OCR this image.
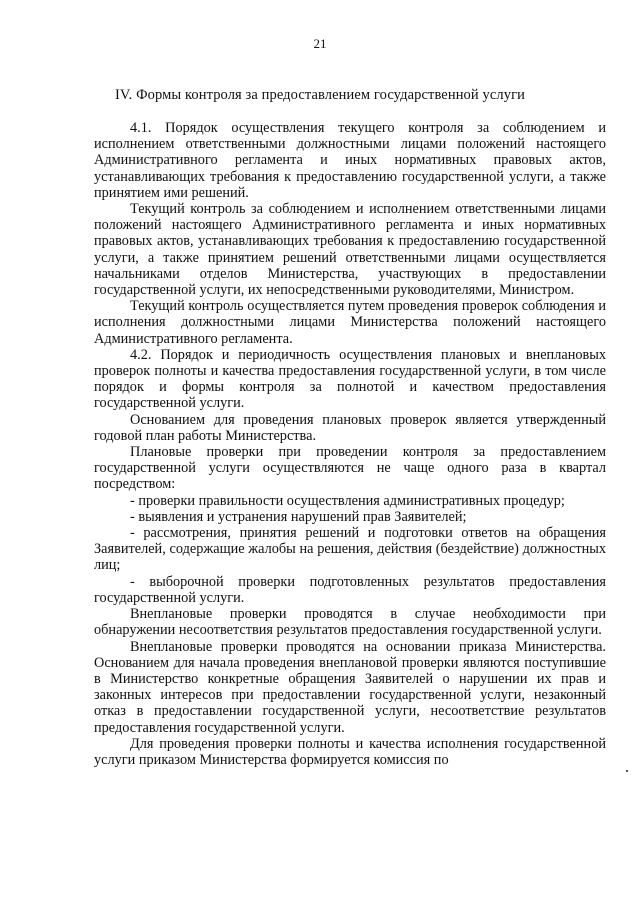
21
IV. Формы контроля за предоставлением государственной услуги

4.1. Порядок осуществления текущего контроля за соблюдением и исполнением ответственными должностными лицами положений настоящего Административного регламента и иных нормативных правовых актов, устанавливающих требования к предоставлению государственной услуги, а также принятием ими решений.

Текущий контроль за соблюдением и исполнением ответственными лицами положений настоящего Административного регламента и иных нормативных правовых актов, устанавливающих требования к предоставлению государственной услуги, а также принятием решений ответственными лицами осуществляется начальниками отделов Министерства, участвующих в предоставлении государственной услуги, их непосредственными руководителями, Министром.

Текущий контроль осуществляется путем проведения проверок соблюдения и исполнения должностными лицами Министерства положений настоящего Административного регламента.

4.2. Порядок и периодичность осуществления плановых и внеплановых проверок полноты и качества предоставления государственной услуги, в том числе порядок и формы контроля за полнотой и качеством предоставления государственной услуги.

Основанием для проведения плановых проверок является утвержденный годовой план работы Министерства.

Плановые проверки при проведении контроля за предоставлением государственной услуги осуществляются не чаще одного раза в квартал посредством:

- проверки правильности осуществления административных процедур;

- выявления и устранения нарушений прав Заявителей;

- рассмотрения, принятия решений и подготовки ответов на обращения Заявителей, содержащие жалобы на решения, действия (бездействие) должностных лиц;

- выборочной проверки подготовленных результатов предоставления государственной услуги.

Внеплановые проверки проводятся в случае необходимости при обнаружении несоответствия результатов предоставления государственной услуги.

Внеплановые проверки проводятся на основании приказа Министерства. Основанием для начала проведения внеплановой проверки являются поступившие в Министерство конкретные обращения Заявителей о нарушении их прав и законных интересов при предоставлении государственной услуги, незаконный отказ в предоставлении государственной услуги, несоответствие результатов предоставления государственной услуги.

Для проведения проверки полноты и качества исполнения государственной услуги приказом Министерства формируется комиссия по
